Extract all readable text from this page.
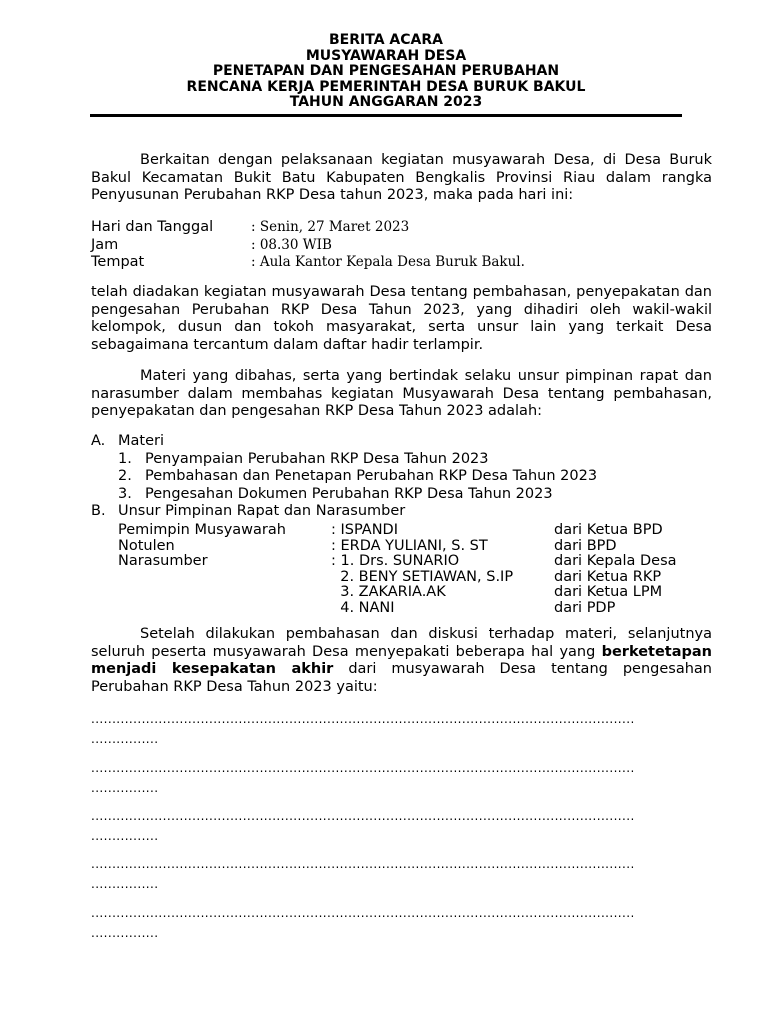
BERITA ACARA
MUSYAWARAH DESA
PENETAPAN DAN PENGESAHAN PERUBAHAN
RENCANA KERJA PEMERINTAH DESA BURUK BAKUL
TAHUN ANGGARAN 2023
Berkaitan dengan pelaksanaan kegiatan musyawarah Desa, di Desa Buruk Bakul Kecamatan Bukit Batu Kabupaten Bengkalis Provinsi Riau dalam rangka Penyusunan Perubahan RKP Desa tahun 2023, maka pada hari ini:
Hari dan Tanggal	: Senin, 27 Maret 2023
Jam	: 08.30 WIB
Tempat	: Aula Kantor Kepala Desa Buruk Bakul.
telah diadakan kegiatan musyawarah Desa tentang pembahasan, penyepakatan dan pengesahan Perubahan RKP Desa Tahun 2023, yang dihadiri oleh wakil-wakil kelompok, dusun dan tokoh masyarakat, serta unsur lain yang terkait Desa sebagaimana tercantum dalam daftar hadir terlampir.
Materi yang dibahas, serta yang bertindak selaku unsur pimpinan rapat dan narasumber dalam membahas kegiatan Musyawarah Desa tentang pembahasan, penyepakatan dan pengesahan RKP Desa Tahun 2023 adalah:
A. Materi
1. Penyampaian Perubahan RKP Desa Tahun 2023
2. Pembahasan dan Penetapan Perubahan RKP Desa Tahun 2023
3. Pengesahan Dokumen Perubahan RKP Desa Tahun 2023
B. Unsur Pimpinan Rapat dan Narasumber
Pemimpin Musyawarah	: ISPANDI	dari Ketua BPD
Notulen	: ERDA YULIANI, S. ST	dari BPD
Narasumber	: 1. Drs. SUNARIO	dari Kepala Desa
2. BENY SETIAWAN, S.IP	dari Ketua RKP
3. ZAKARIA.AK	dari Ketua LPM
4. NANI	dari PDP
Setelah dilakukan pembahasan dan diskusi terhadap materi, selanjutnya seluruh peserta musyawarah Desa menyepakati beberapa hal yang berketetapan menjadi kesepakatan akhir dari musyawarah Desa tentang pengesahan Perubahan RKP Desa Tahun 2023 yaitu:
.................................................................................................................................
................
.................................................................................................................................
................
.................................................................................................................................
................
.................................................................................................................................
................
.................................................................................................................................
................
